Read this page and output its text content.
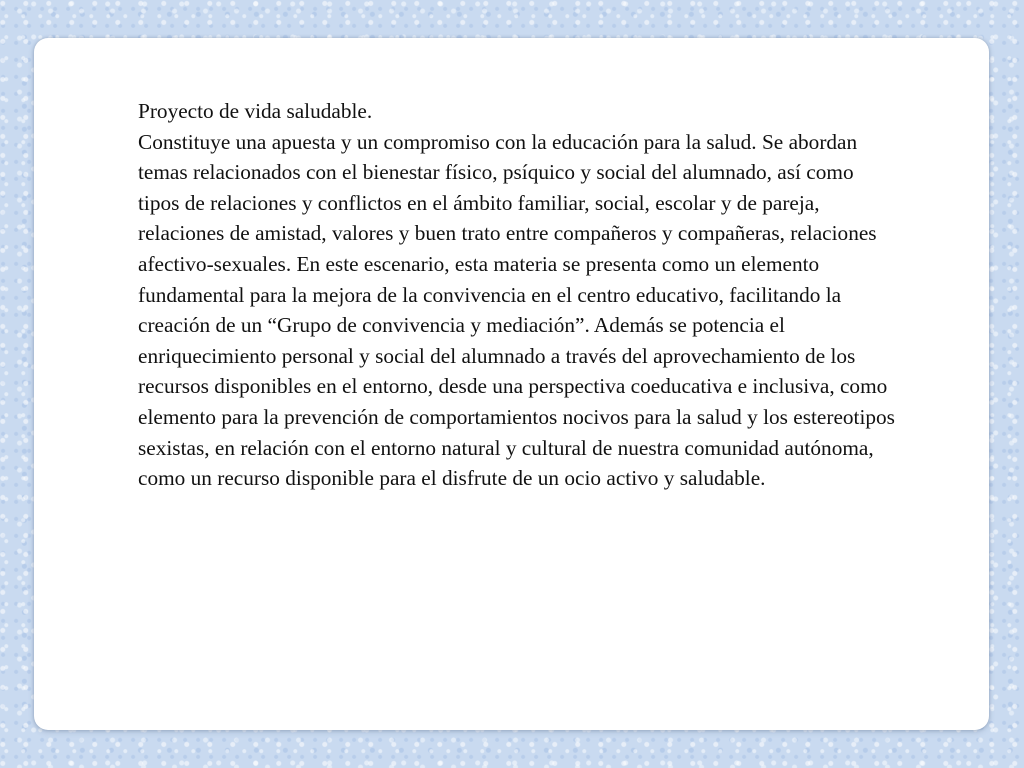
Proyecto de vida saludable.

Constituye una apuesta y un compromiso con la educación para la salud. Se abordan temas relacionados con el bienestar físico, psíquico y social del alumnado, así como tipos de relaciones y conflictos en el ámbito familiar, social, escolar y de pareja, relaciones de amistad, valores y buen trato entre compañeros y compañeras, relaciones afectivo-sexuales. En este escenario, esta materia se presenta como un elemento fundamental para la mejora de la convivencia en el centro educativo, facilitando la creación de un “Grupo de convivencia y mediación”. Además se potencia el enriquecimiento personal y social del alumnado a través del aprovechamiento de los recursos disponibles en el entorno, desde una perspectiva coeducativa e inclusiva, como elemento para la prevención de comportamientos nocivos para la salud y los estereotipos sexistas, en relación con el entorno natural y cultural de nuestra comunidad autónoma, como un recurso disponible para el disfrute de un ocio activo y saludable.
